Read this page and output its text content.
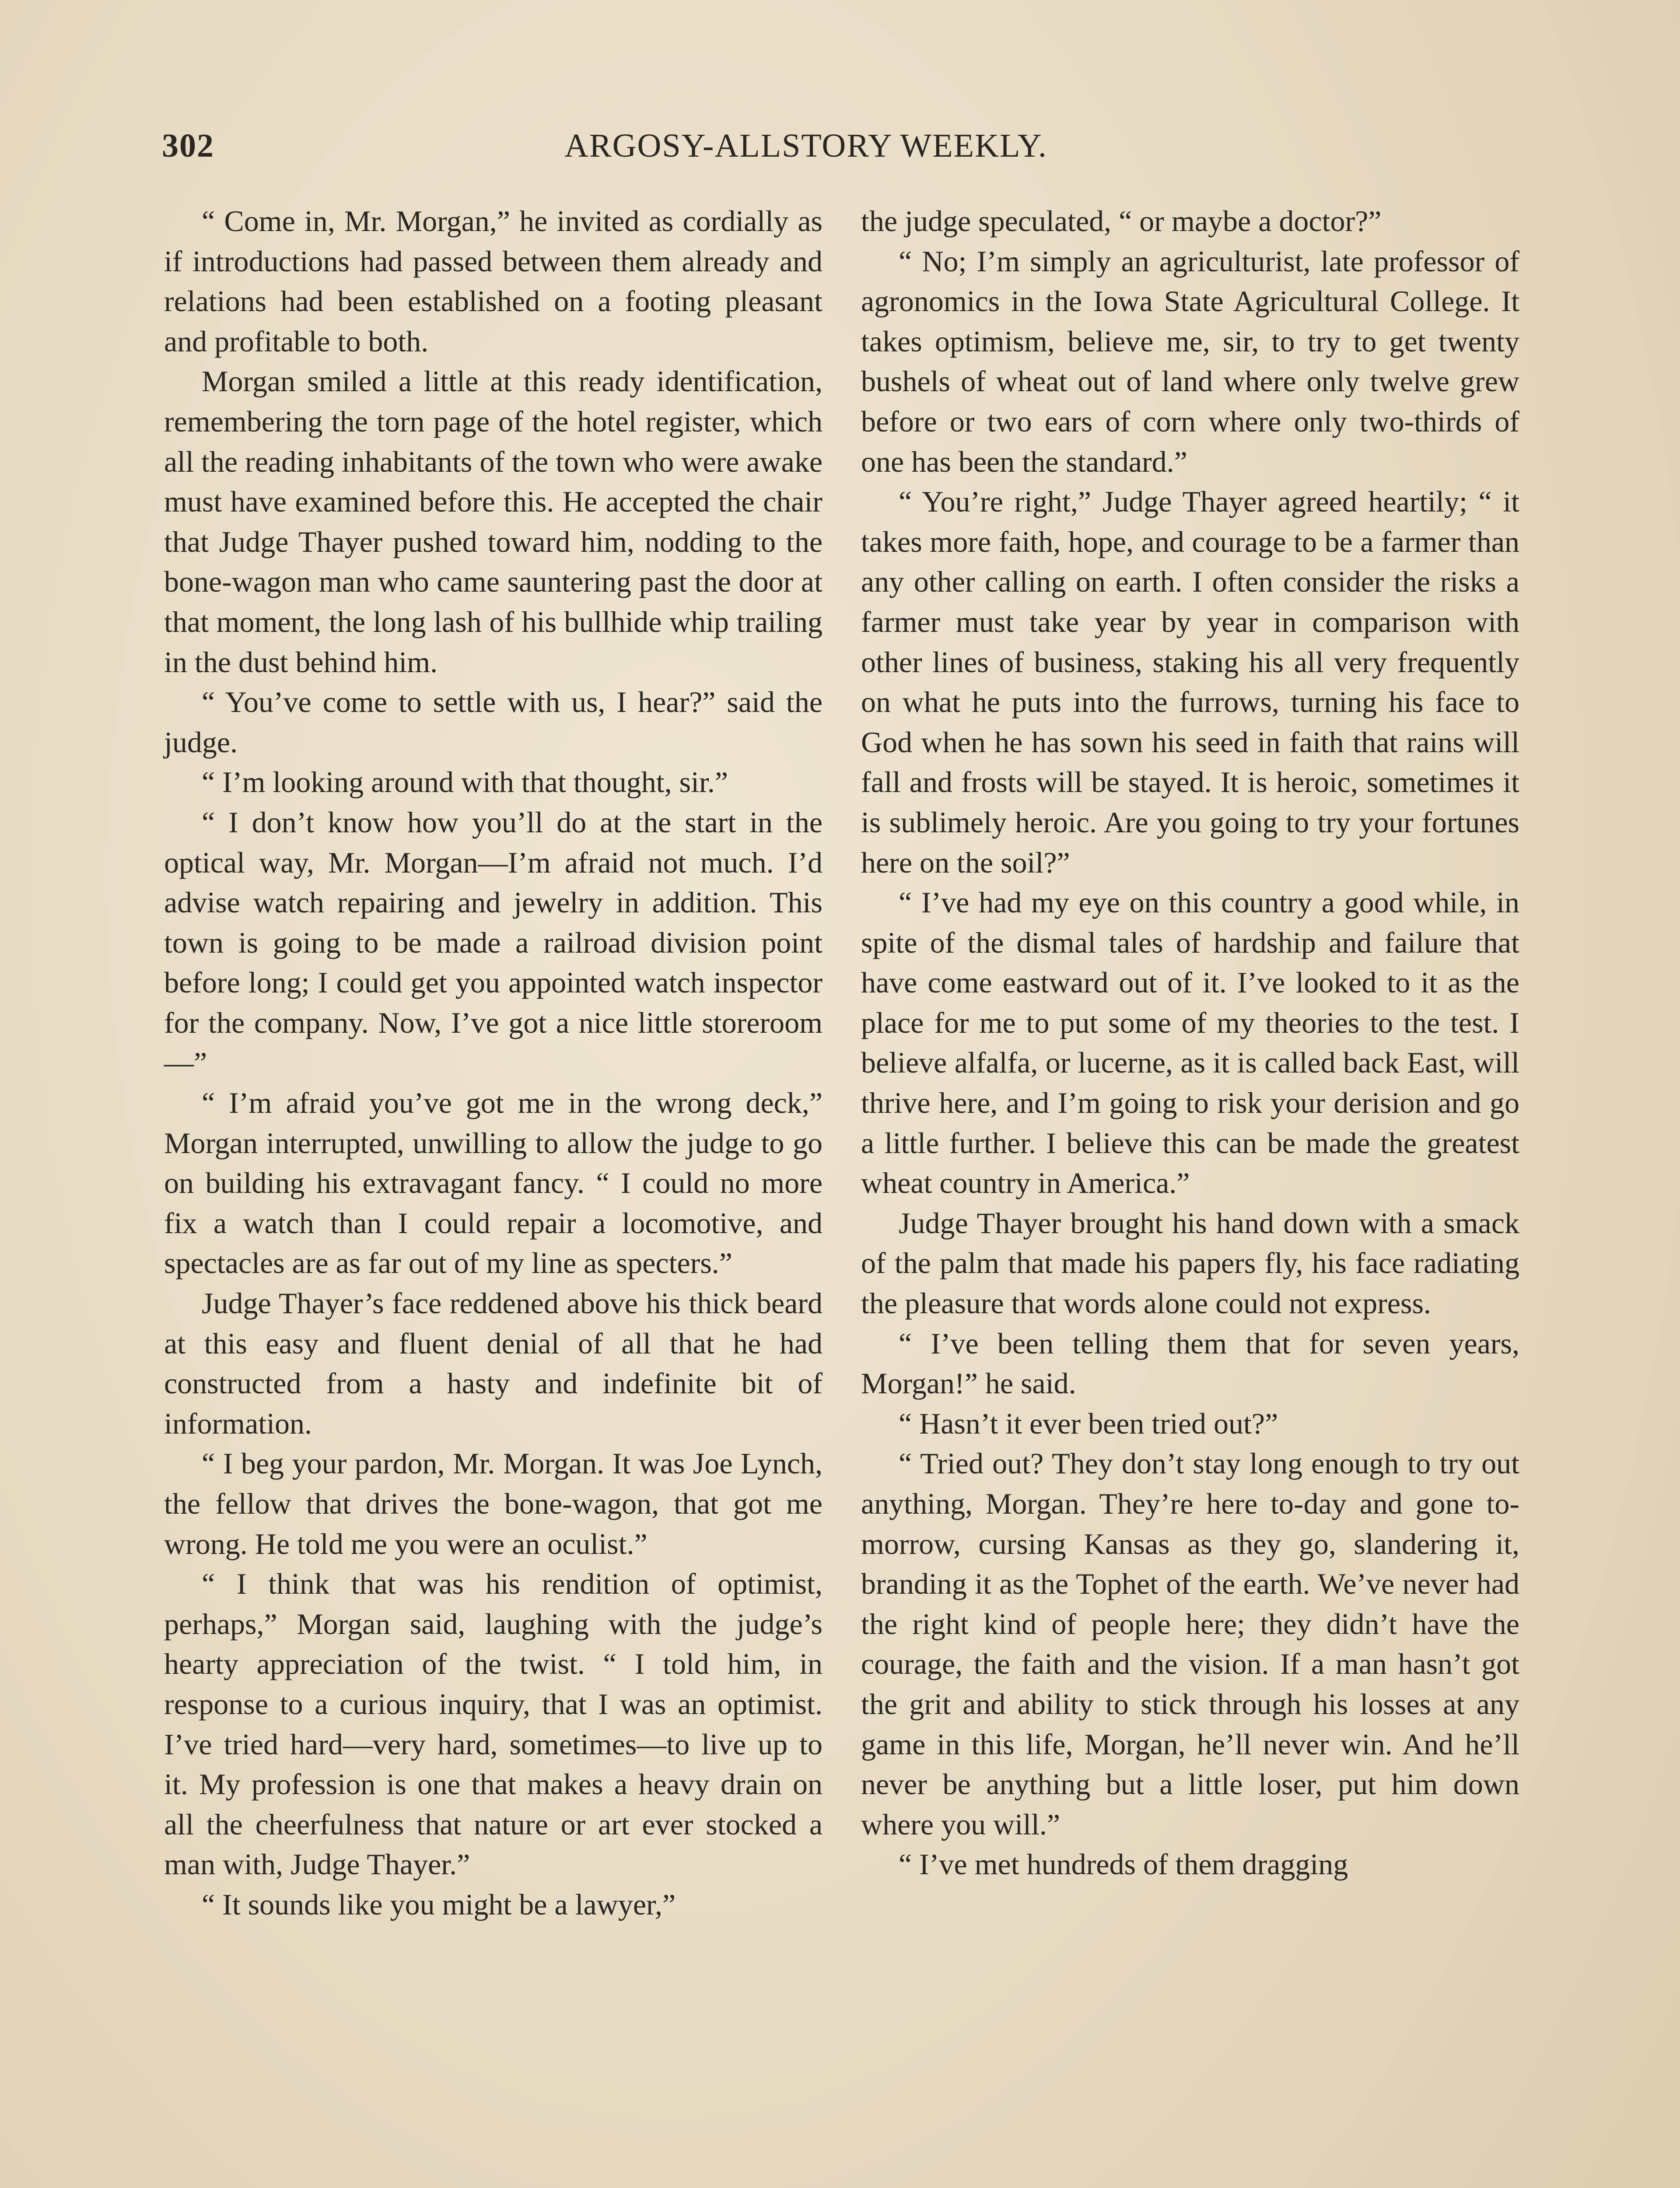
302	ARGOSY-ALLSTORY WEEKLY.

“ Come in, Mr. Morgan,” he invited as cordially as if introductions had passed between them already and relations had been established on a footing pleasant and profitable to both.

Morgan smiled a little at this ready identification, remembering the torn page of the hotel register, which all the reading inhabitants of the town who were awake must have examined before this. He accepted the chair that Judge Thayer pushed toward him, nodding to the bone-wagon man who came sauntering past the door at that moment, the long lash of his bullhide whip trailing in the dust behind him.

“ You’ve come to settle with us, I hear?” said the judge.

“ I’m looking around with that thought, sir.”

“ I don’t know how you’ll do at the start in the optical way, Mr. Morgan—I’m afraid not much. I’d advise watch repairing and jewelry in addition. This town is going to be made a railroad division point before long; I could get you appointed watch inspector for the company. Now, I’ve got a nice little storeroom—”

“ I’m afraid you’ve got me in the wrong deck,” Morgan interrupted, unwilling to allow the judge to go on building his extravagant fancy. “ I could no more fix a watch than I could repair a locomotive, and spectacles are as far out of my line as specters.”

Judge Thayer’s face reddened above his thick beard at this easy and fluent denial of all that he had constructed from a hasty and indefinite bit of information.

“ I beg your pardon, Mr. Morgan. It was Joe Lynch, the fellow that drives the bone-wagon, that got me wrong. He told me you were an oculist.”

“ I think that was his rendition of optimist, perhaps,” Morgan said, laughing with the judge’s hearty appreciation of the twist. “ I told him, in response to a curious inquiry, that I was an optimist. I’ve tried hard—very hard, sometimes—to live up to it. My profession is one that makes a heavy drain on all the cheerfulness that nature or art ever stocked a man with, Judge Thayer.”

“ It sounds like you might be a lawyer,”

the judge speculated, “ or maybe a doctor?”

“ No; I’m simply an agriculturist, late professor of agronomics in the Iowa State Agricultural College. It takes optimism, believe me, sir, to try to get twenty bushels of wheat out of land where only twelve grew before or two ears of corn where only two-thirds of one has been the standard.”

“ You’re right,” Judge Thayer agreed heartily; “ it takes more faith, hope, and courage to be a farmer than any other calling on earth. I often consider the risks a farmer must take year by year in comparison with other lines of business, staking his all very frequently on what he puts into the furrows, turning his face to God when he has sown his seed in faith that rains will fall and frosts will be stayed. It is heroic, sometimes it is sublimely heroic. Are you going to try your fortunes here on the soil?”

“ I’ve had my eye on this country a good while, in spite of the dismal tales of hardship and failure that have come eastward out of it. I’ve looked to it as the place for me to put some of my theories to the test. I believe alfalfa, or lucerne, as it is called back East, will thrive here, and I’m going to risk your derision and go a little further. I believe this can be made the greatest wheat country in America.”

Judge Thayer brought his hand down with a smack of the palm that made his papers fly, his face radiating the pleasure that words alone could not express.

“ I’ve been telling them that for seven years, Morgan!” he said.

“ Hasn’t it ever been tried out?”

“ Tried out? They don’t stay long enough to try out anything, Morgan. They’re here to-day and gone to-morrow, cursing Kansas as they go, slandering it, branding it as the Tophet of the earth. We’ve never had the right kind of people here; they didn’t have the courage, the faith and the vision. If a man hasn’t got the grit and ability to stick through his losses at any game in this life, Morgan, he’ll never win. And he’ll never be anything but a little loser, put him down where you will.”

“ I’ve met hundreds of them dragging
